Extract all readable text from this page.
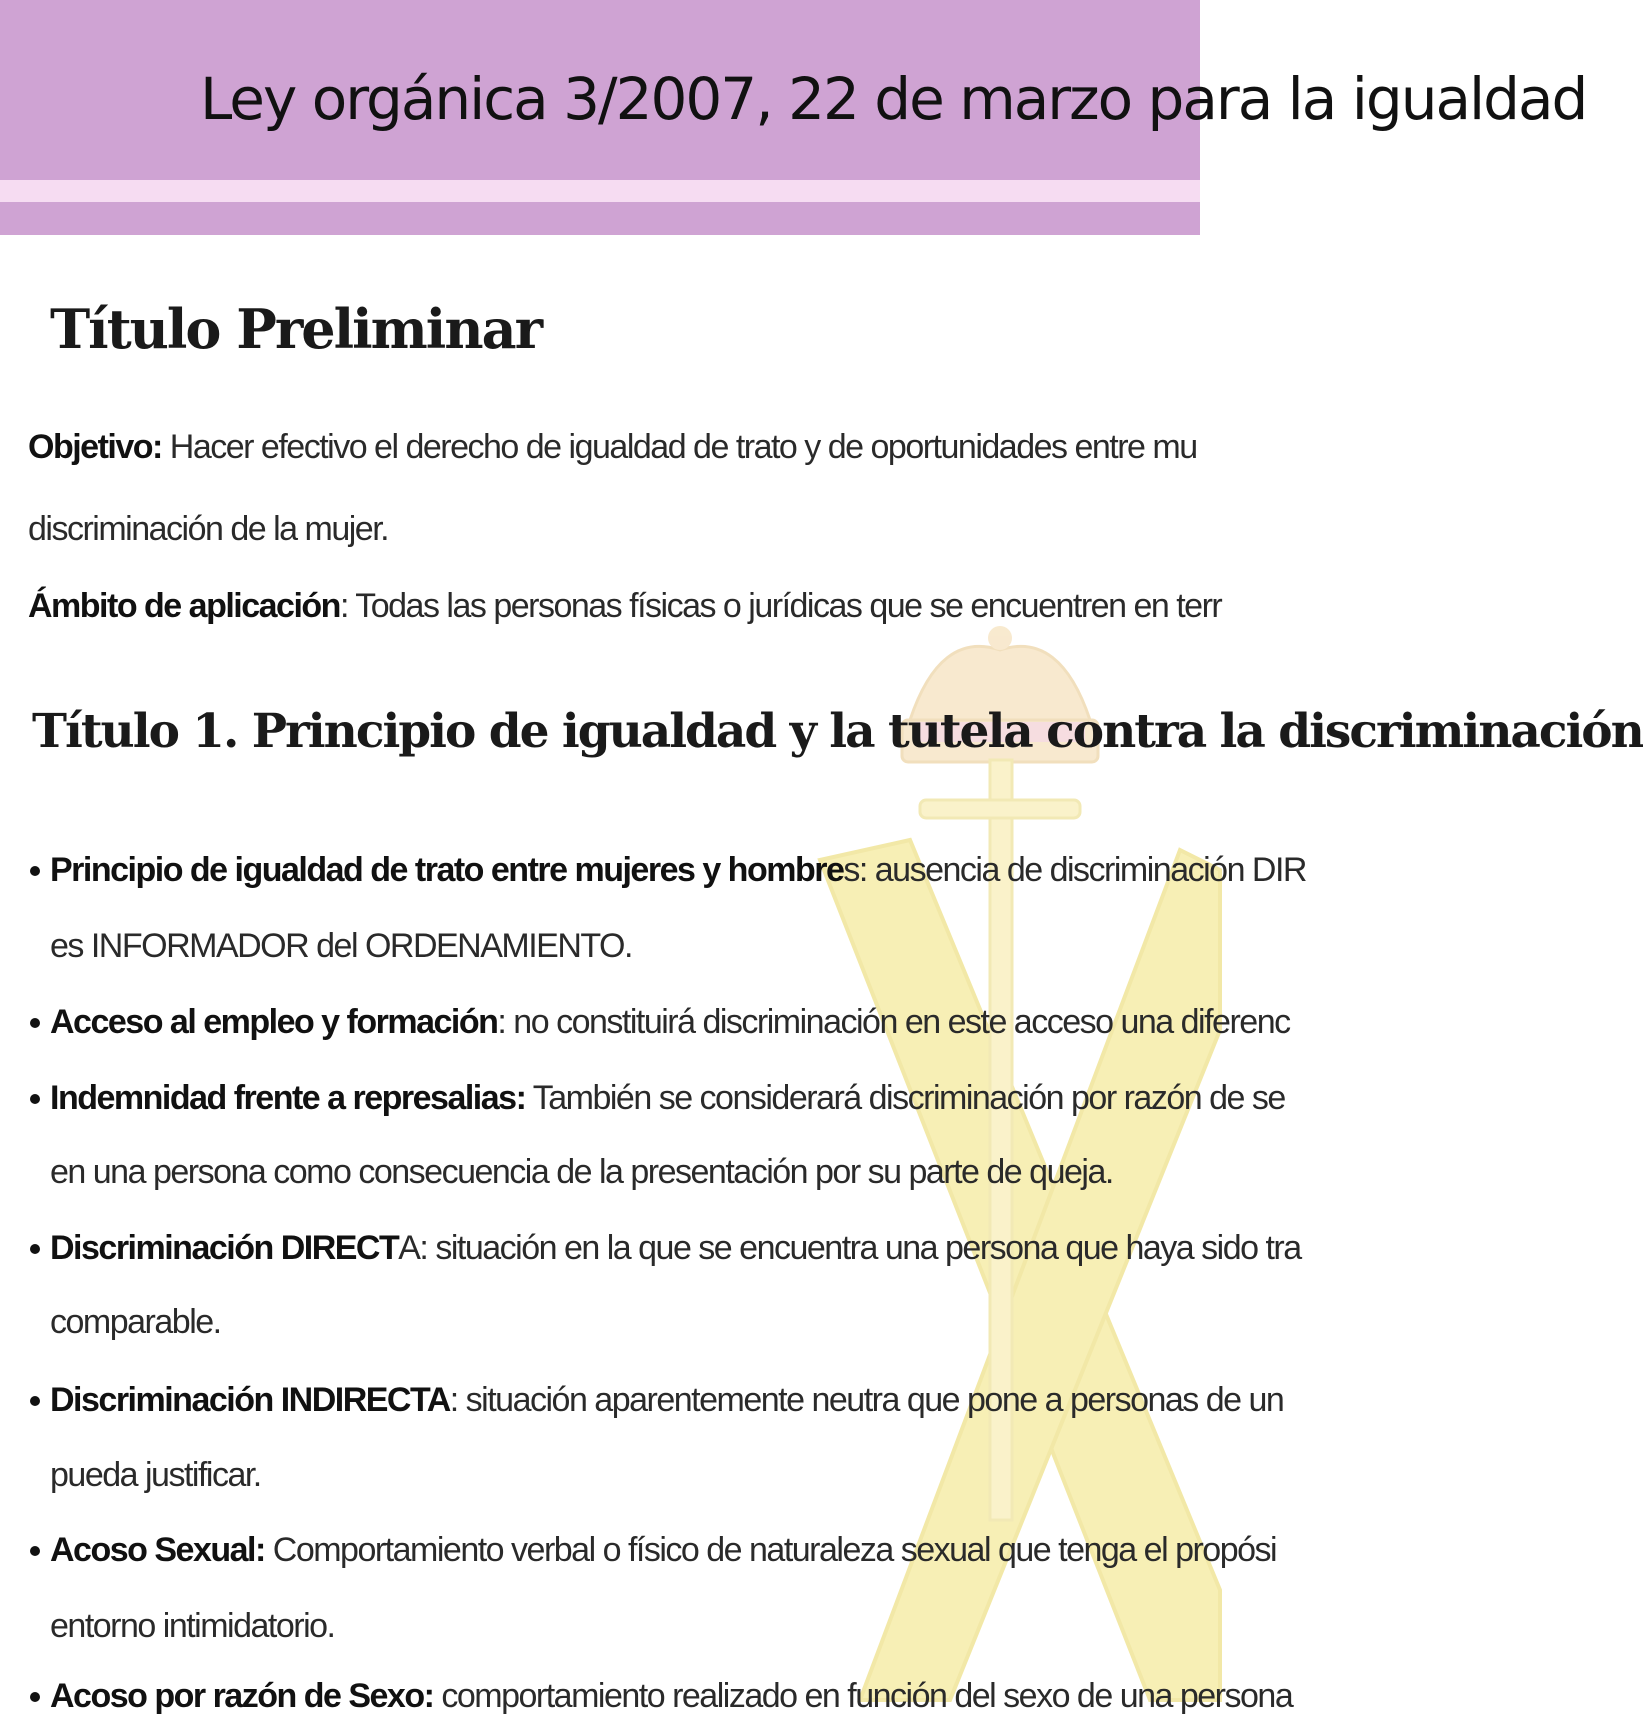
Ley orgánica 3/2007, 22 de marzo para la igualdad
Título Preliminar
Objetivo: Hacer efectivo el derecho de igualdad de trato y de oportunidades entre mu
discriminación de la mujer.
Ámbito de aplicación: Todas las personas físicas o jurídicas que se encuentren en terr
Título 1. Principio de igualdad y la tutela contra la discriminación
Principio de igualdad de trato entre mujeres y hombres: ausencia de discriminación DIR
es INFORMADOR del ORDENAMIENTO.
Acceso al empleo y formación: no constituirá discriminación en este acceso una diferenc
Indemnidad frente a represalias: También se considerará discriminación por razón de se
en una persona como consecuencia de la presentación por su parte de queja.
Discriminación DIRECTA: situación en la que se encuentra una persona que haya sido tra
comparable.
Discriminación INDIRECTA: situación aparentemente neutra que pone a personas de un
pueda justificar.
Acoso Sexual: Comportamiento verbal o físico de naturaleza sexual que tenga el propósi
entorno intimidatorio.
Acoso por razón de Sexo: comportamiento realizado en función del sexo de una persona
